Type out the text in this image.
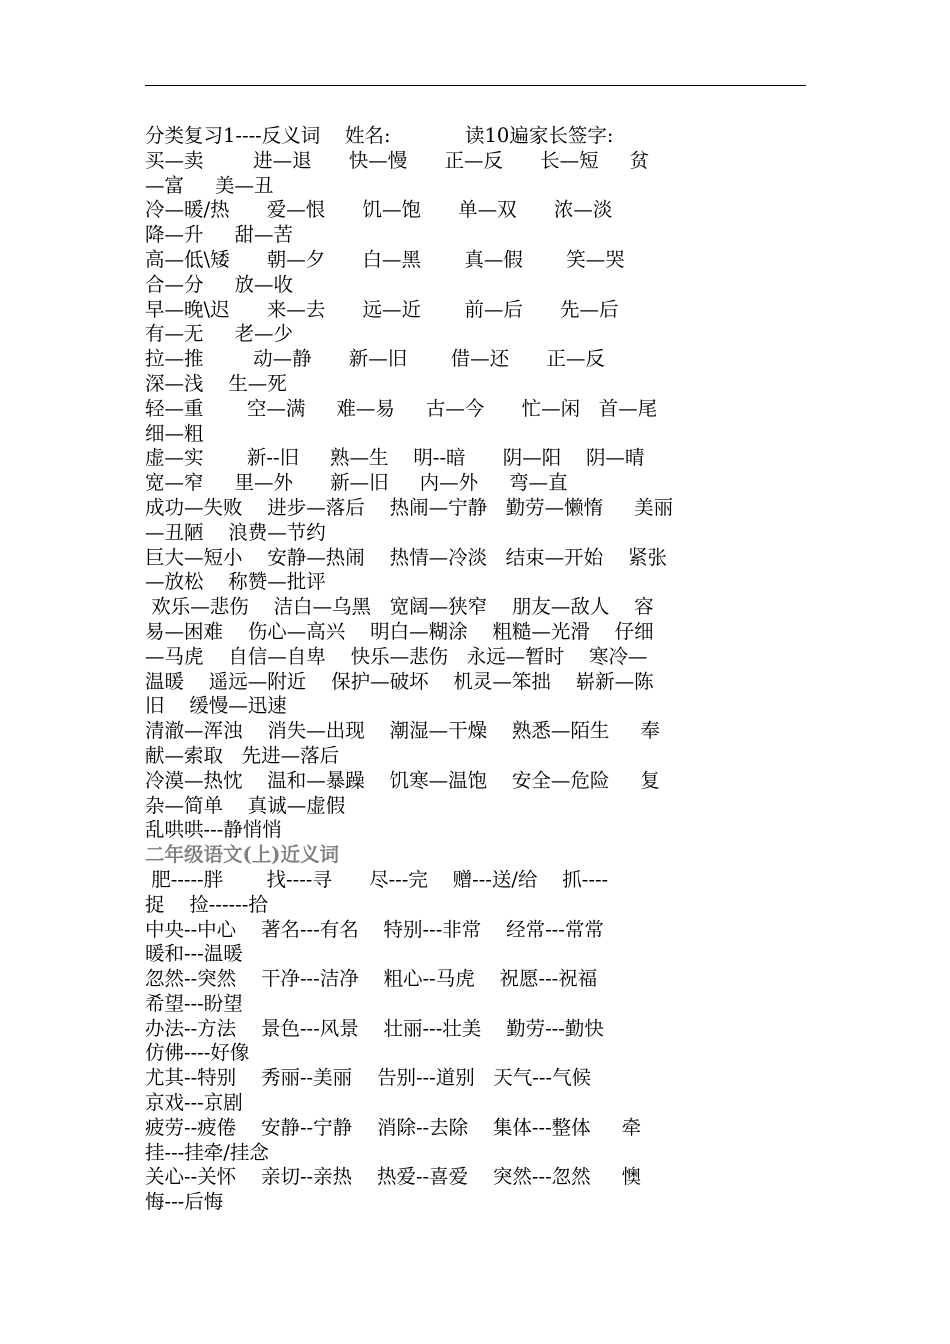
分类复习1----反义词    姓名:            读10遍家长签字:
买—卖        进—退      快—慢      正—反      长—短     贫
—富     美—丑
冷—暖/热      爱—恨      饥—饱      单—双      浓—淡
降—升     甜—苦
高—低\矮      朝—夕      白—黑       真—假       笑—哭
合—分     放—收
早—晚\迟      来—去      远—近       前—后      先—后
有—无     老—少
拉—推        动—静      新—旧       借—还      正—反
深—浅    生—死
轻—重       空—满     难—易     古—今      忙—闲   首—尾
细—粗
虚—实       新--旧     熟—生    明--暗      阴—阳    阴—晴
宽—窄     里—外      新—旧     内—外     弯—直
成功—失败    进步—落后    热闹—宁静   勤劳—懒惰     美丽
—丑陋    浪费—节约
巨大—短小    安静—热闹    热情—冷淡   结束—开始    紧张
—放松    称赞—批评
欢乐—悲伤    洁白—乌黑   宽阔—狭窄    朋友—敌人    容
易—困难    伤心—高兴    明白—糊涂    粗糙—光滑    仔细
—马虎    自信—自卑    快乐—悲伤   永远—暂时    寒冷—
温暖    遥远—附近    保护—破坏    机灵—笨拙    崭新—陈
旧    缓慢—迅速
清澈—浑浊    消失—出现    潮湿—干燥    熟悉—陌生     奉
献—索取   先进—落后
冷漠—热忱    温和—暴躁    饥寒—温饱    安全—危险     复
杂—简单    真诚—虚假
乱哄哄---静悄悄
二年级语文(上)近义词
肥-----胖       找----寻      尽---完    赠---送/给    抓----
捉    捡------拾
中央--中心    著名---有名    特别---非常    经常---常常
暖和---温暖
忽然--突然    干净---洁净    粗心--马虎    祝愿---祝福
希望---盼望
办法--方法    景色---风景    壮丽---壮美    勤劳---勤快
仿佛----好像
尤其--特别    秀丽--美丽    告别---道别   天气---气候
京戏---京剧
疲劳--疲倦    安静--宁静    消除--去除    集体---整体     牵
挂---挂牵/挂念
关心--关怀    亲切--亲热    热爱--喜爱    突然---忽然     懊
悔---后悔
